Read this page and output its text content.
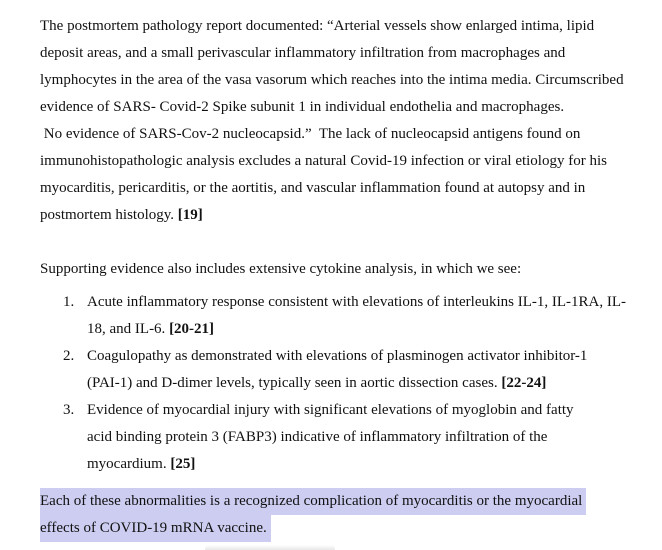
The postmortem pathology report documented: “Arterial vessels show enlarged intima, lipid
deposit areas, and a small perivascular inflammatory infiltration from macrophages and
lymphocytes in the area of the vasa vasorum which reaches into the intima media. Circumscribed
evidence of SARS- Covid-2 Spike subunit 1 in individual endothelia and macrophages.
No evidence of SARS-Cov-2 nucleocapsid.”  The lack of nucleocapsid antigens found on
immunohistopathologic analysis excludes a natural Covid-19 infection or viral etiology for his
myocarditis, pericarditis, or the aortitis, and vascular inflammation found at autopsy and in
postmortem histology. [19]
Supporting evidence also includes extensive cytokine analysis, in which we see:
1. Acute inflammatory response consistent with elevations of interleukins IL-1, IL-1RA, IL-
18, and IL-6. [20-21]
2. Coagulopathy as demonstrated with elevations of plasminogen activator inhibitor-1
(PAI-1) and D-dimer levels, typically seen in aortic dissection cases. [22-24]
3. Evidence of myocardial injury with significant elevations of myoglobin and fatty
acid binding protein 3 (FABP3) indicative of inflammatory infiltration of the
myocardium. [25]
Each of these abnormalities is a recognized complication of myocarditis or the myocardial
effects of COVID-19 mRNA vaccine.
